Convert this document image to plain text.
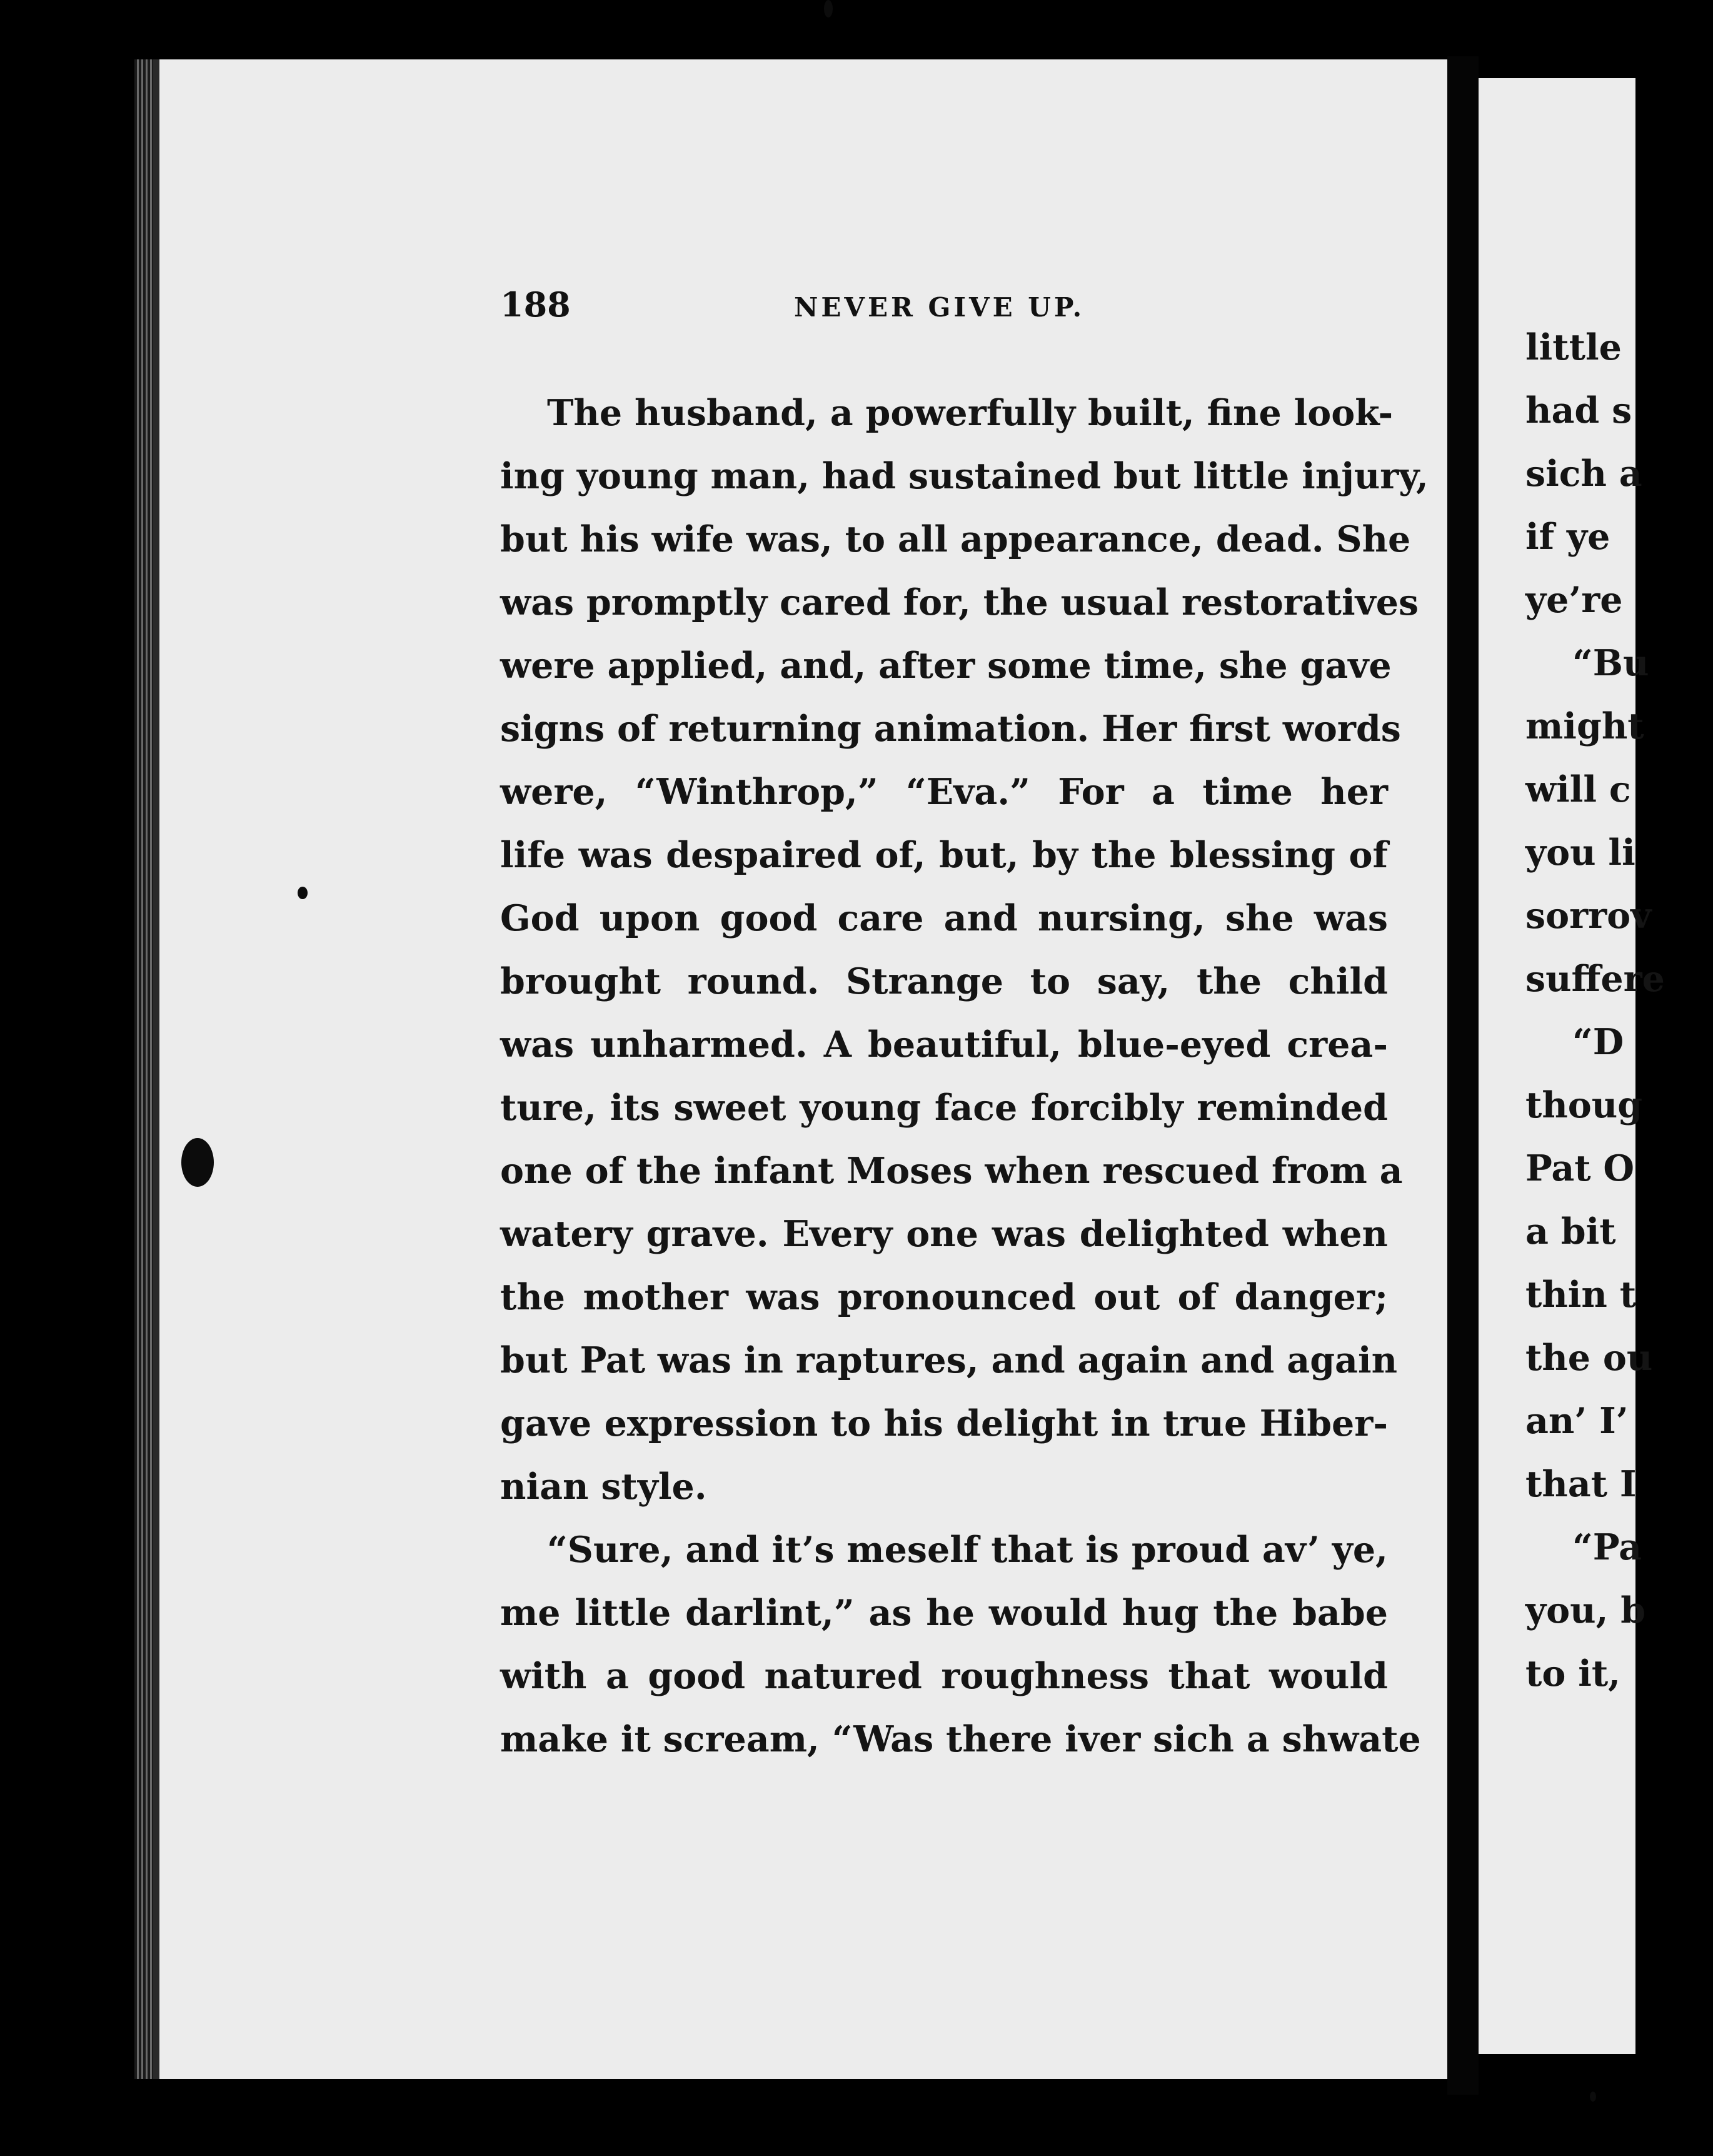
188	NEVER GIVE UP.
The husband, a powerfully built, fine look-
ing young man, had sustained but little injury,
but his wife was, to all appearance, dead. She
was promptly cared for, the usual restoratives
were applied, and, after some time, she gave
signs of returning animation. Her first words
were, “Winthrop,” “Eva.” For a time her
life was despaired of, but, by the blessing of
God upon good care and nursing, she was
brought round. Strange to say, the child
was unharmed. A beautiful, blue-eyed crea-
ture, its sweet young face forcibly reminded
one of the infant Moses when rescued from a
watery grave. Every one was delighted when
the mother was pronounced out of danger;
but Pat was in raptures, and again and again
gave expression to his delight in true Hiber-
nian style.
“Sure, and it’s meself that is proud av’ ye,
me little darlint,” as he would hug the babe
with a good natured roughness that would
make it scream, “Was there iver sich a shwate
little
had s
sich a
if ye
ye’re
“Bu
might
will c
you li
sorrov
suffere
“D
thoug
Pat O
a bit
thin t
the ou
an’ I’
that I
“Pa
you, b
to it,
